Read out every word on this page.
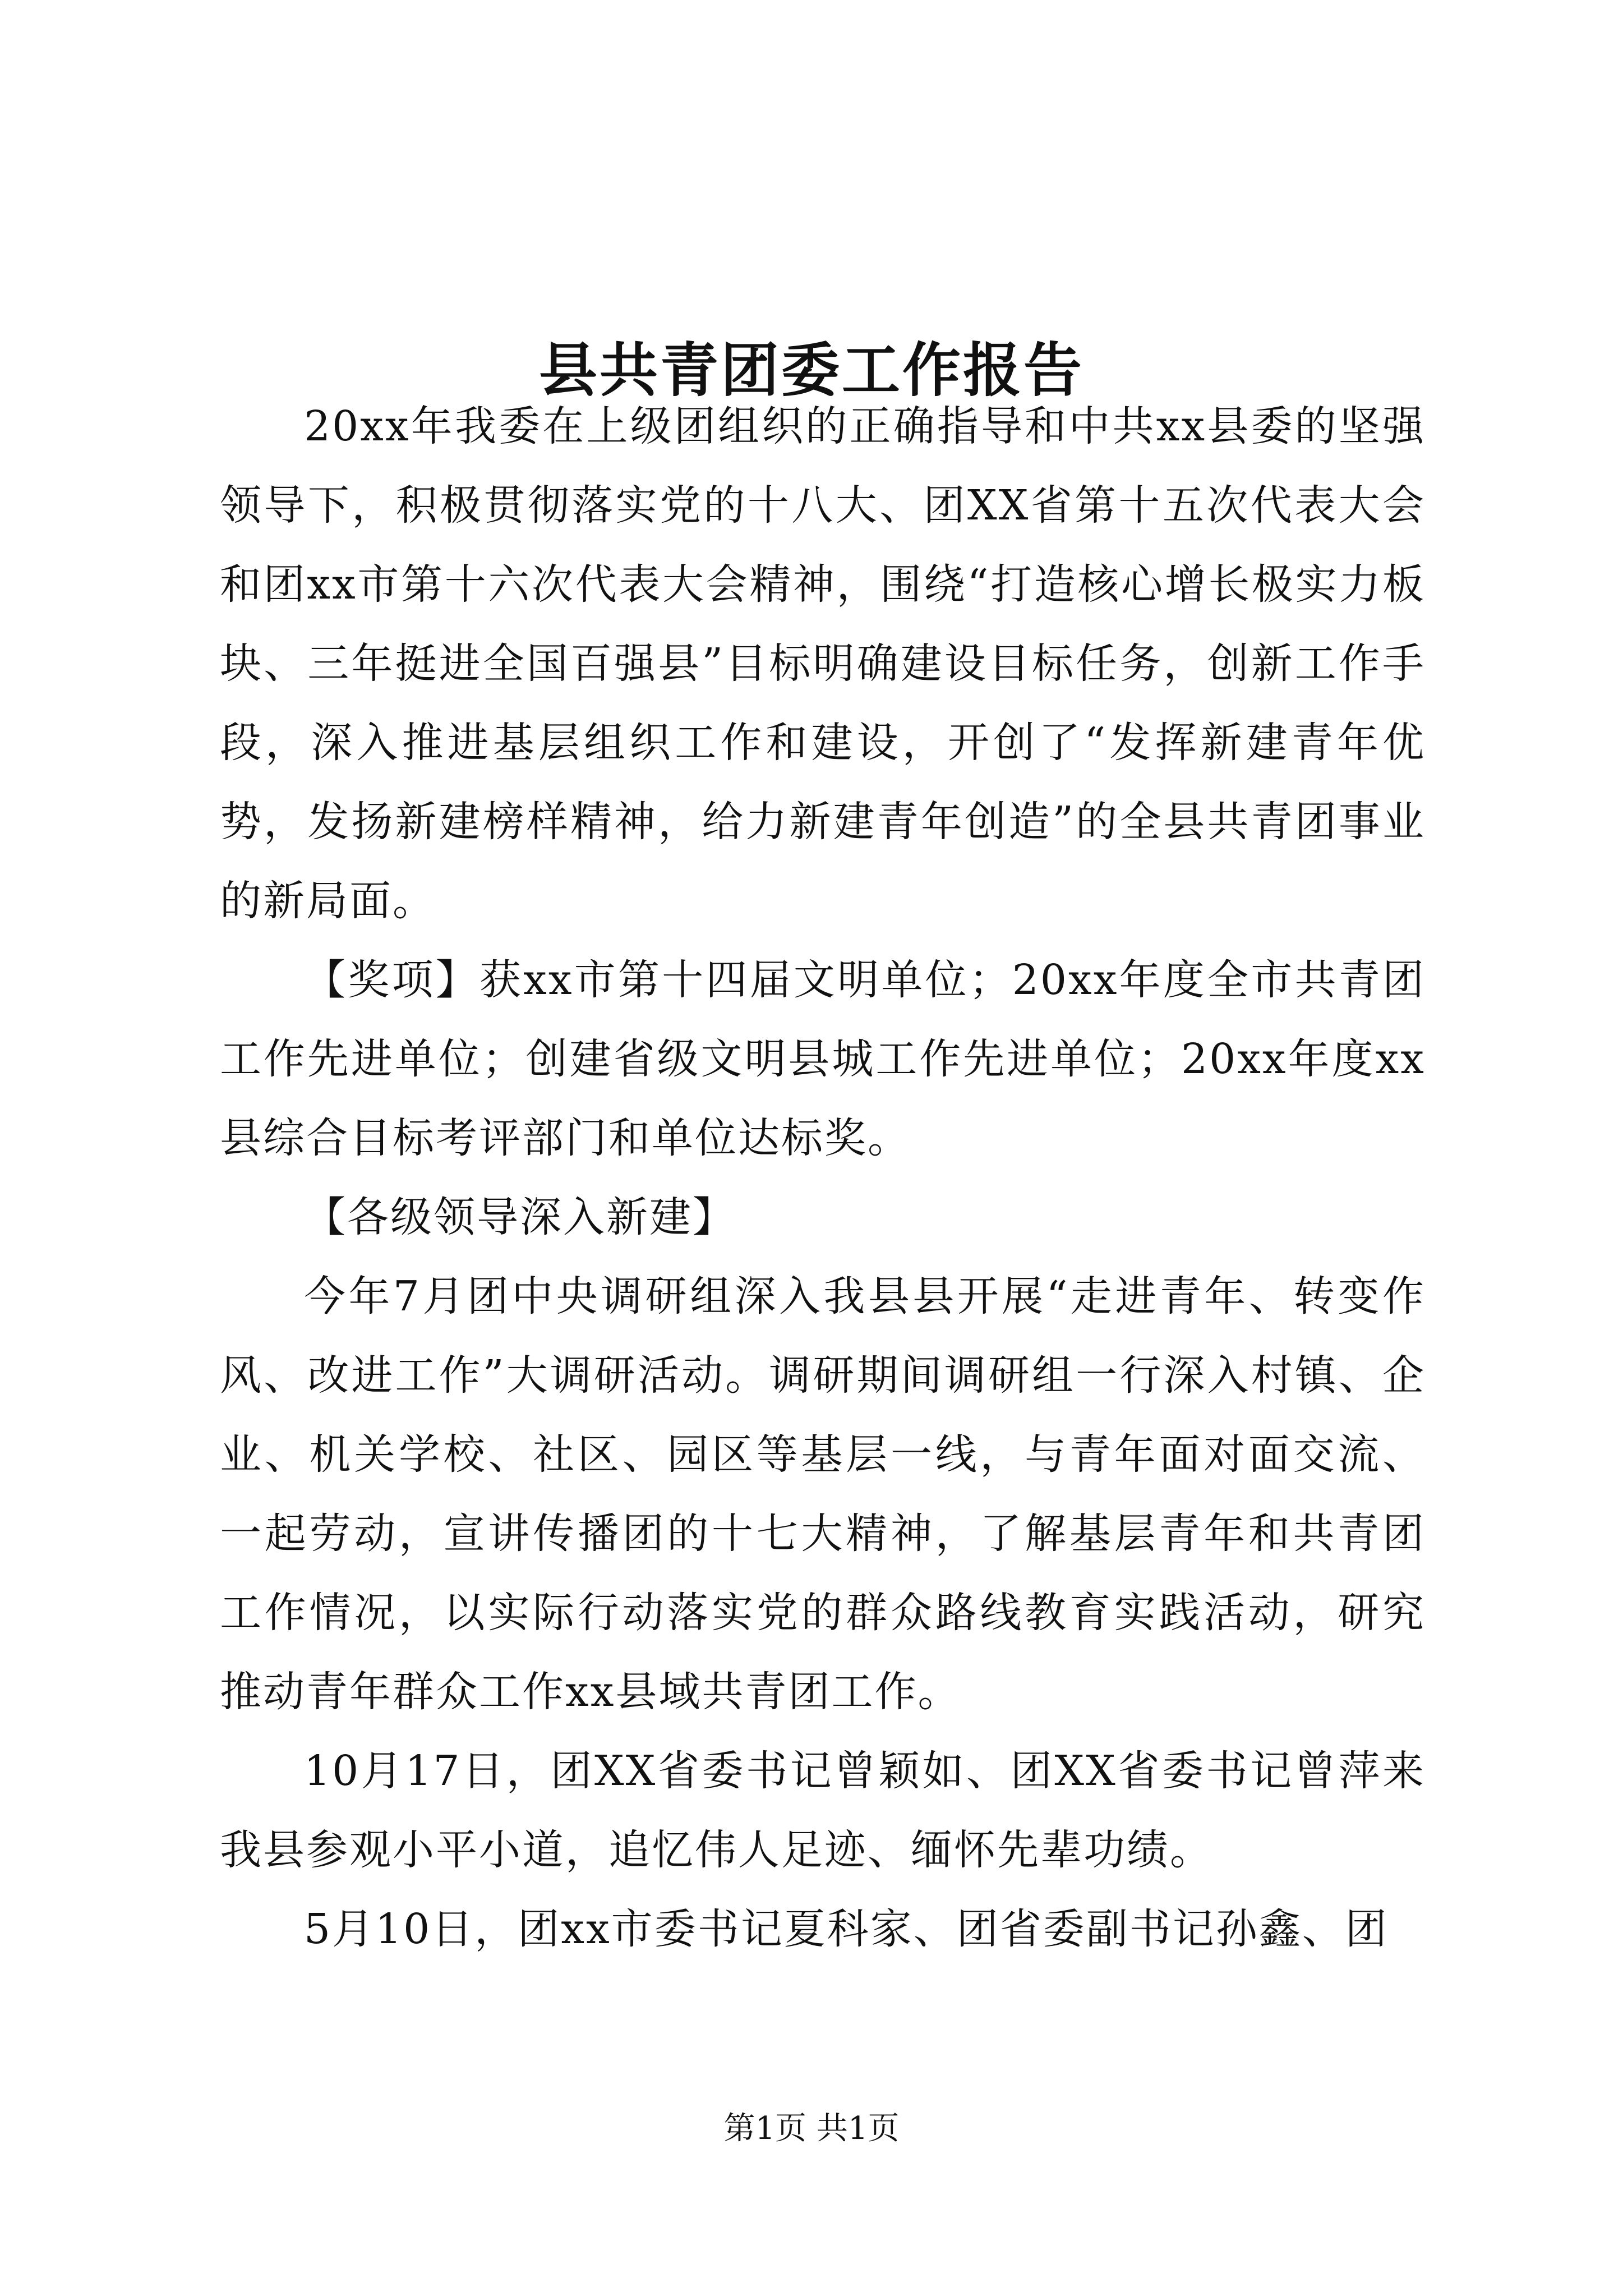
县共青团委工作报告

20xx年我委在上级团组织的正确指导和中共xx县委的坚强领导下，积极贯彻落实党的十八大、团XX省第十五次代表大会和团xx市第十六次代表大会精神，围绕“打造核心增长极实力板块、三年挺进全国百强县”目标明确建设目标任务，创新工作手段，深入推进基层组织工作和建设，开创了“发挥新建青年优势，发扬新建榜样精神，给力新建青年创造”的全县共青团事业的新局面。

【奖项】获xx市第十四届文明单位；20xx年度全市共青团工作先进单位；创建省级文明县城工作先进单位；20xx年度xx县综合目标考评部门和单位达标奖。

【各级领导深入新建】

今年7月团中央调研组深入我县县开展“走进青年、转变作风、改进工作”大调研活动。调研期间调研组一行深入村镇、企业、机关学校、社区、园区等基层一线，与青年面对面交流、一起劳动，宣讲传播团的十七大精神，了解基层青年和共青团工作情况，以实际行动落实党的群众路线教育实践活动，研究推动青年群众工作xx县域共青团工作。

10月17日，团XX省委书记曾颖如、团XX省委书记曾萍来我县参观小平小道，追忆伟人足迹、缅怀先辈功绩。

5月10日，团xx市委书记夏科家、团省委副书记孙鑫、团

第1页 共1页
